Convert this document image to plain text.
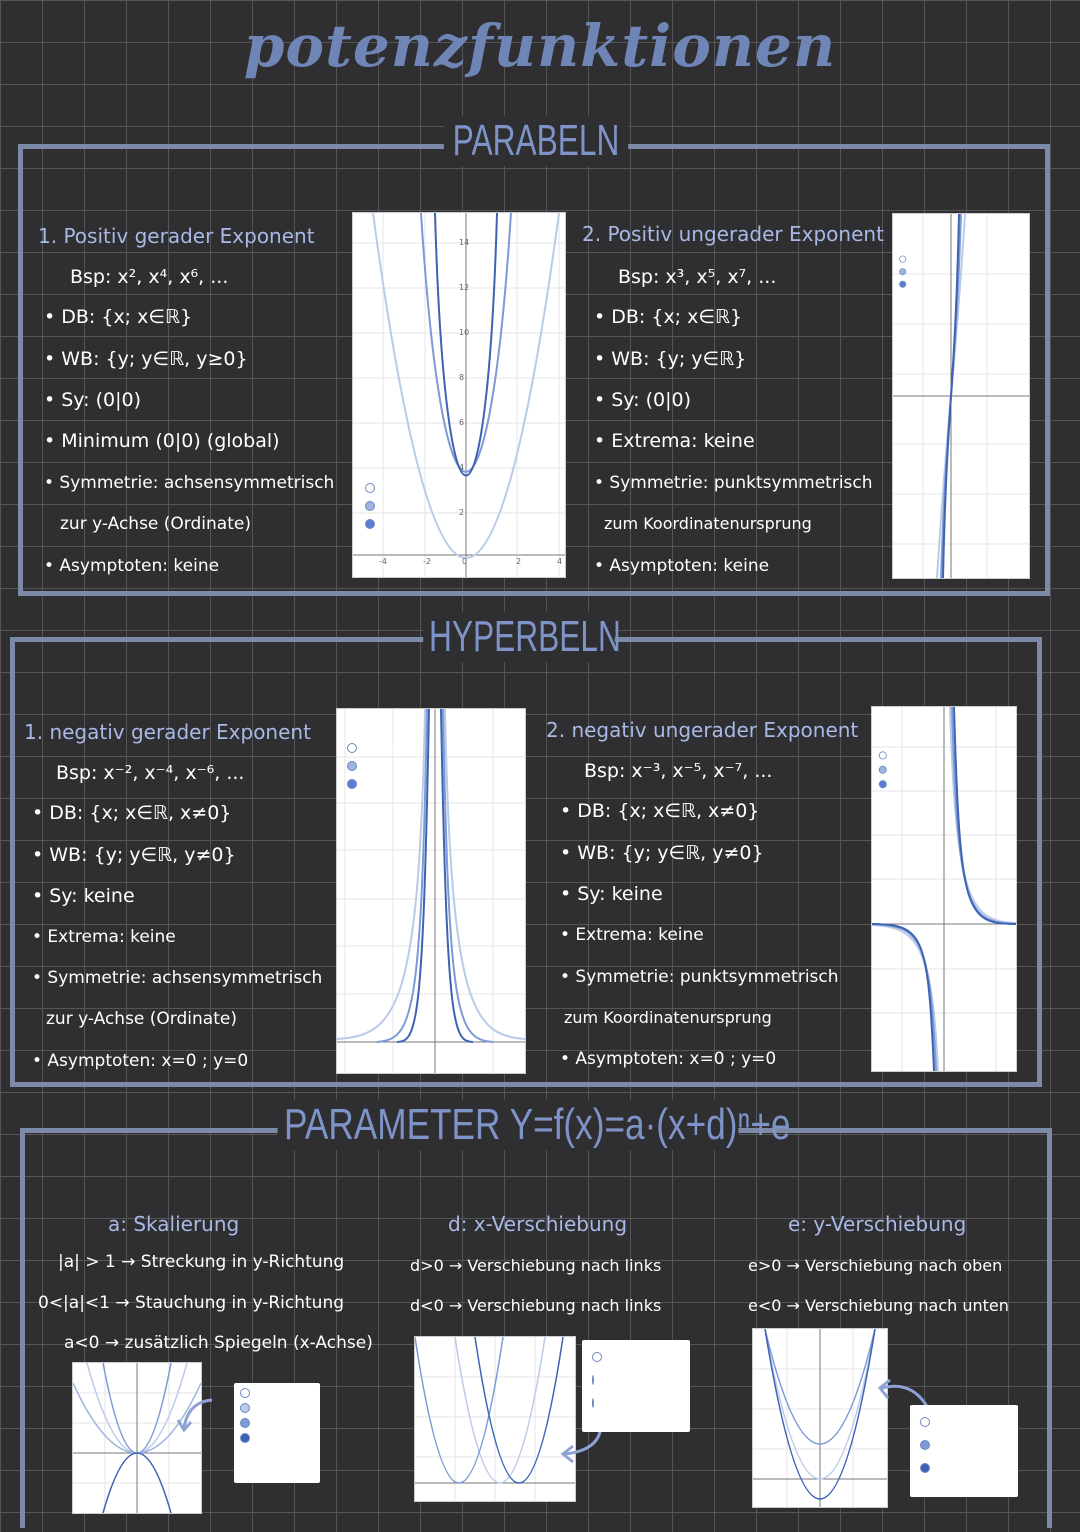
potenzfunktionen
PARABELN
1. Positiv gerader Exponent
Bsp: x², x⁴, x⁶, ...
• DB: {x; x∈ℝ}
• WB: {y; y∈ℝ, y≥0}
• Sy: (0|0)
• Minimum (0|0) (global)
• Symmetrie: achsensymmetrisch
zur y-Achse (Ordinate)
• Asymptoten: keine
f(x) = x²
g(x) = x⁴
h(x) = x⁶
-4	-2	0	2	4
2
4
6
8
10
12
14	2. Positiv ungerader Exponent
Bsp: x³, x⁵, x⁷, ...
• DB: {x; x∈ℝ}
• WB: {y; y∈ℝ}
• Sy: (0|0)
• Extrema: keine
• Symmetrie: punktsymmetrisch
zum Koordinatenursprung
• Asymptoten: keine
f(x) = x³
g(x) = x⁵
h(x) = x⁷
HYPERBELN
1. negativ gerader Exponent
Bsp: x⁻², x⁻⁴, x⁻⁶, ...
• DB: {x; x∈ℝ, x≠0}
• WB: {y; y∈ℝ, y≠0}
• Sy: keine
• Extrema: keine
• Symmetrie: achsensymmetrisch
zur y-Achse (Ordinate)
• Asymptoten: x=0 ; y=0
f(x) = x⁻²
g(x) = x⁻⁴
h(x) = x⁻⁶
2. negativ ungerader Exponent
Bsp: x⁻³, x⁻⁵, x⁻⁷, ...
• DB: {x; x∈ℝ, x≠0}
• WB: {y; y∈ℝ, y≠0}
• Sy: keine
• Extrema: keine
• Symmetrie: punktsymmetrisch
zum Koordinatenursprung
• Asymptoten: x=0 ; y=0
f(x) = x⁻³
g(x) = x⁻⁵
h(x) = x⁻⁷
PARAMETER Y=f(x)=a·(x+d)ⁿ+e
a: Skalierung
|a| > 1 → Streckung in y-Richtung
0<|a|<1 → Stauchung in y-Richtung
a<0 → zusätzlich Spiegeln (x-Achse)
d: x-Verschiebung
d>0 → Verschiebung nach links
d<0 → Verschiebung nach links
e: y-Verschiebung
e>0 → Verschiebung nach oben
e<0 → Verschiebung nach unten
f(x) = x²
g(x) = 2x²
h(x) = 0.5 x²
p(x) = −x²
f(x) = x²
h(x) = (x + 3)²
p(x) = (x − 1)²
f(x) = x²
h(x) = x² + 2
p(x) = x² − 1
